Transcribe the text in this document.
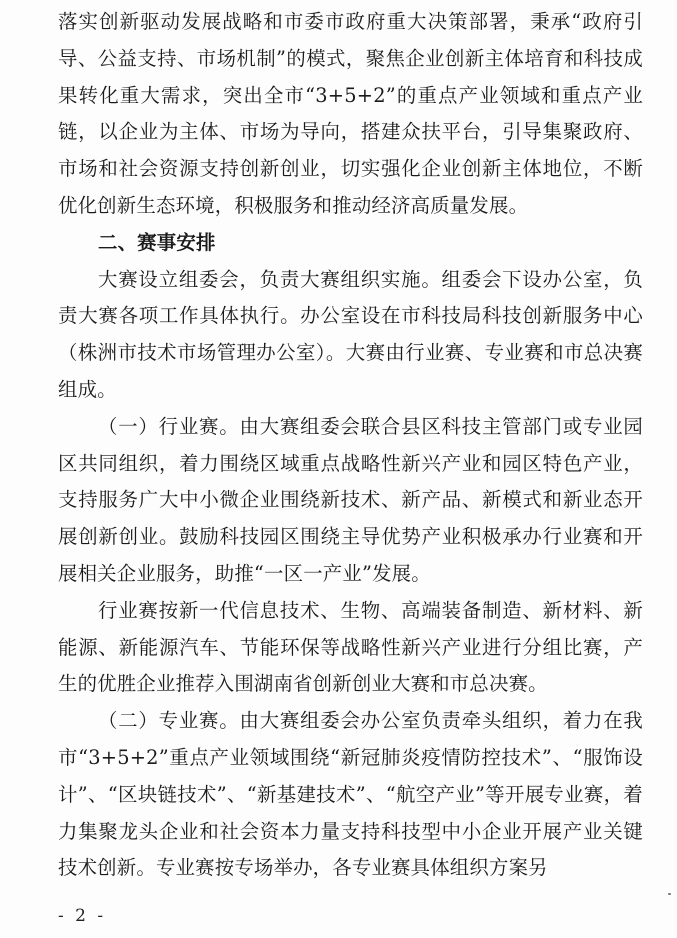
落实创新驱动发展战略和市委市政府重大决策部署，秉承“政府引导、公益支持、市场机制”的模式，聚焦企业创新主体培育和科技成果转化重大需求，突出全市“3+5+2”的重点产业领域和重点产业链，以企业为主体、市场为导向，搭建众扶平台，引导集聚政府、市场和社会资源支持创新创业，切实强化企业创新主体地位，不断优化创新生态环境，积极服务和推动经济高质量发展。

二、赛事安排

大赛设立组委会，负责大赛组织实施。组委会下设办公室，负责大赛各项工作具体执行。办公室设在市科技局科技创新服务中心（株洲市技术市场管理办公室）。大赛由行业赛、专业赛和市总决赛组成。

（一）行业赛。由大赛组委会联合县区科技主管部门或专业园区共同组织，着力围绕区域重点战略性新兴产业和园区特色产业，支持服务广大中小微企业围绕新技术、新产品、新模式和新业态开展创新创业。鼓励科技园区围绕主导优势产业积极承办行业赛和开展相关企业服务，助推“一区一产业”发展。

行业赛按新一代信息技术、生物、高端装备制造、新材料、新能源、新能源汽车、节能环保等战略性新兴产业进行分组比赛，产生的优胜企业推荐入围湖南省创新创业大赛和市总决赛。

（二）专业赛。由大赛组委会办公室负责牵头组织，着力在我市“3+5+2”重点产业领域围绕“新冠肺炎疫情防控技术”、“服饰设计”、“区块链技术”、“新基建技术”、“航空产业”等开展专业赛，着力集聚龙头企业和社会资本力量支持科技型中小企业开展产业关键技术创新。专业赛按专场举办，各专业赛具体组织方案另

- 2 -
